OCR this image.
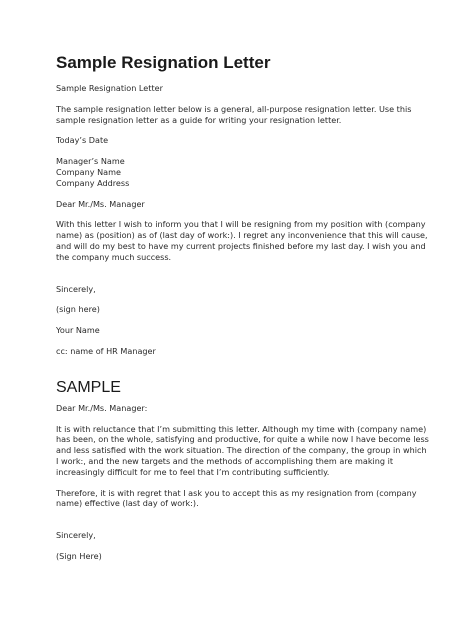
Sample Resignation Letter
Sample Resignation Letter
The sample resignation letter below is a general, all-purpose resignation letter. Use this
sample resignation letter as a guide for writing your resignation letter.
Today’s Date
Manager’s Name
Company Name
Company Address
Dear Mr./Ms. Manager
With this letter I wish to inform you that I will be resigning from my position with (company
name) as (position) as of (last day of work:). I regret any inconvenience that this will cause,
and will do my best to have my current projects finished before my last day. I wish you and
the company much success.
Sincerely,
(sign here)
Your Name
cc: name of HR Manager
SAMPLE
Dear Mr./Ms. Manager:
It is with reluctance that I’m submitting this letter. Although my time with (company name)
has been, on the whole, satisfying and productive, for quite a while now I have become less
and less satisfied with the work situation. The direction of the company, the group in which
I work:, and the new targets and the methods of accomplishing them are making it
increasingly difficult for me to feel that I’m contributing sufficiently.
Therefore, it is with regret that I ask you to accept this as my resignation from (company
name) effective (last day of work:).
Sincerely,
(Sign Here)
